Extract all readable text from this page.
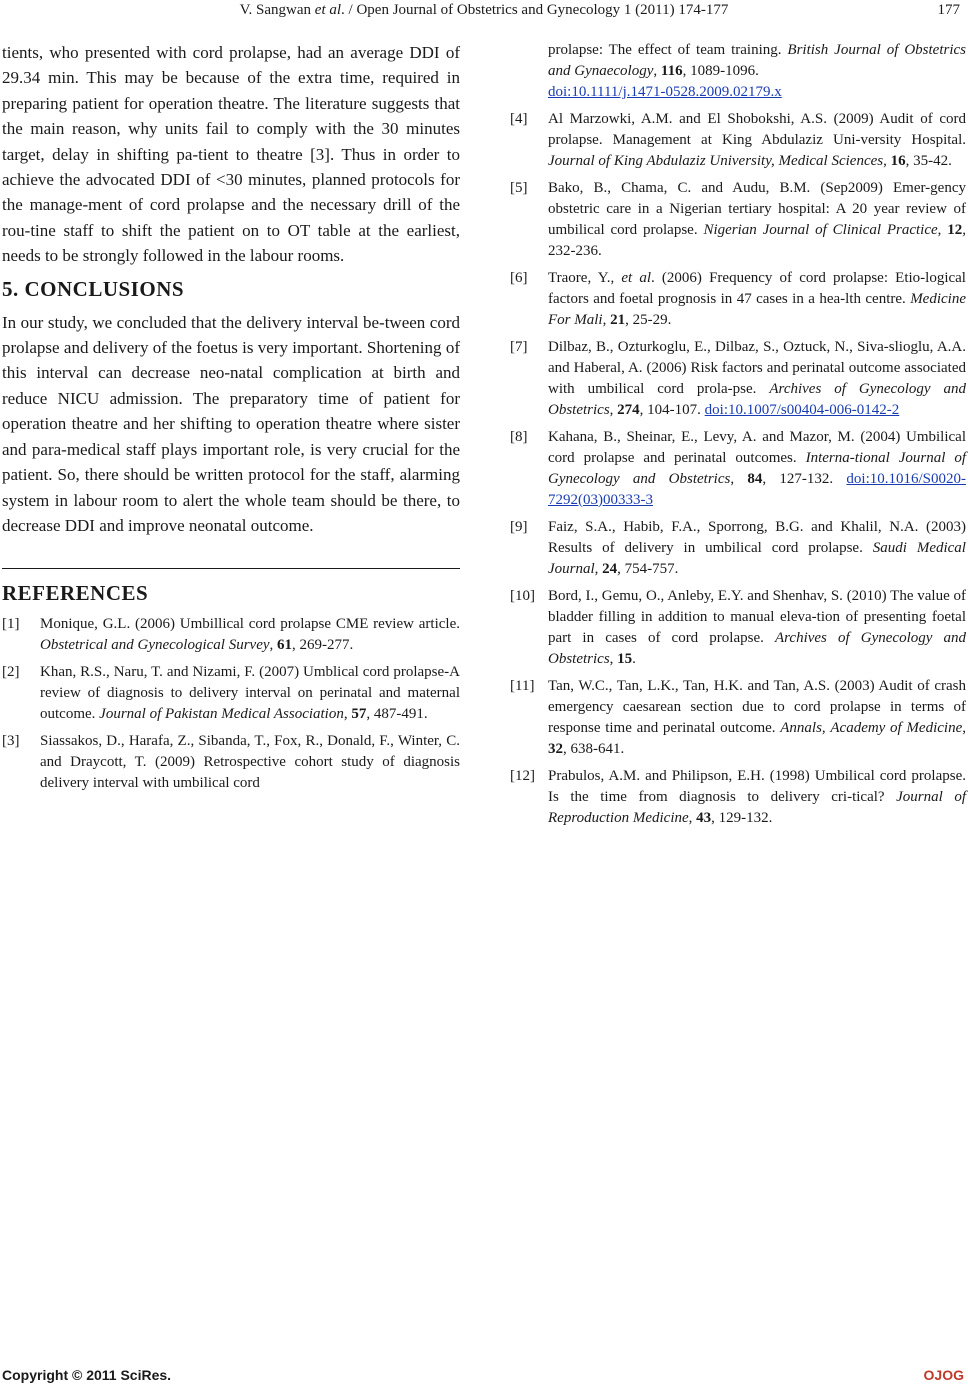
V. Sangwan et al. / Open Journal of Obstetrics and Gynecology 1 (2011) 174-177	177

tients, who presented with cord prolapse, had an average DDI of 29.34 min. This may be because of the extra time, required in preparing patient for operation theatre. The literature suggests that the main reason, why units fail to comply with the 30 minutes target, delay in shifting pa-tient to theatre [3]. Thus in order to achieve the advocated DDI of <30 minutes, planned protocols for the manage-ment of cord prolapse and the necessary drill of the rou-tine staff to shift the patient on to OT table at the earliest, needs to be strongly followed in the labour rooms.

5. CONCLUSIONS

In our study, we concluded that the delivery interval be-tween cord prolapse and delivery of the foetus is very important. Shortening of this interval can decrease neo-natal complication at birth and reduce NICU admission. The preparatory time of patient for operation theatre and her shifting to operation theatre where sister and para-medical staff plays important role, is very crucial for the patient. So, there should be written protocol for the staff, alarming system in labour room to alert the whole team should be there, to decrease DDI and improve neonatal outcome.

REFERENCES
[1] Monique, G.L. (2006) Umbillical cord prolapse CME review article. Obstetrical and Gynecological Survey, 61, 269-277.
[2] Khan, R.S., Naru, T. and Nizami, F. (2007) Umblical cord prolapse-A review of diagnosis to delivery interval on perinatal and maternal outcome. Journal of Pakistan Medical Association, 57, 487-491.
[3] Siassakos, D., Harafa, Z., Sibanda, T., Fox, R., Donald, F., Winter, C. and Draycott, T. (2009) Retrospective cohort study of diagnosis delivery interval with umbilical cord
prolapse: The effect of team training. British Journal of Obstetrics and Gynaecology, 116, 1089-1096.
doi:10.1111/j.1471-0528.2009.02179.x
[4] Al Marzowki, A.M. and El Shobokshi, A.S. (2009) Audit of cord prolapse. Management at King Abdulaziz Uni-versity Hospital. Journal of King Abdulaziz University, Medical Sciences, 16, 35-42.
[5] Bako, B., Chama, C. and Audu, B.M. (Sep2009) Emer-gency obstetric care in a Nigerian tertiary hospital: A 20 year review of umbilical cord prolapse. Nigerian Journal of Clinical Practice, 12, 232-236.
[6] Traore, Y., et al. (2006) Frequency of cord prolapse: Etio-logical factors and foetal prognosis in 47 cases in a hea-lth centre. Medicine For Mali, 21, 25-29.
[7] Dilbaz, B., Ozturkoglu, E., Dilbaz, S., Oztuck, N., Siva-slioglu, A.A. and Haberal, A. (2006) Risk factors and perinatal outcome associated with umbilical cord prola-pse. Archives of Gynecology and Obstetrics, 274, 104-107. doi:10.1007/s00404-006-0142-2
[8] Kahana, B., Sheinar, E., Levy, A. and Mazor, M. (2004) Umbilical cord prolapse and perinatal outcomes. Interna-tional Journal of Gynecology and Obstetrics, 84, 127-132. doi:10.1016/S0020-7292(03)00333-3
[9] Faiz, S.A., Habib, F.A., Sporrong, B.G. and Khalil, N.A. (2003) Results of delivery in umbilical cord prolapse. Saudi Medical Journal, 24, 754-757.
[10] Bord, I., Gemu, O., Anleby, E.Y. and Shenhav, S. (2010) The value of bladder filling in addition to manual eleva-tion of presenting foetal part in cases of cord prolapse. Archives of Gynecology and Obstetrics, 15.
[11] Tan, W.C., Tan, L.K., Tan, H.K. and Tan, A.S. (2003) Audit of crash emergency caesarean section due to cord prolapse in terms of response time and perinatal outcome. Annals, Academy of Medicine, 32, 638-641.
[12] Prabulos, A.M. and Philipson, E.H. (1998) Umbilical cord prolapse. Is the time from diagnosis to delivery cri-tical? Journal of Reproduction Medicine, 43, 129-132.
Copyright © 2011 SciRes.	OJOG
